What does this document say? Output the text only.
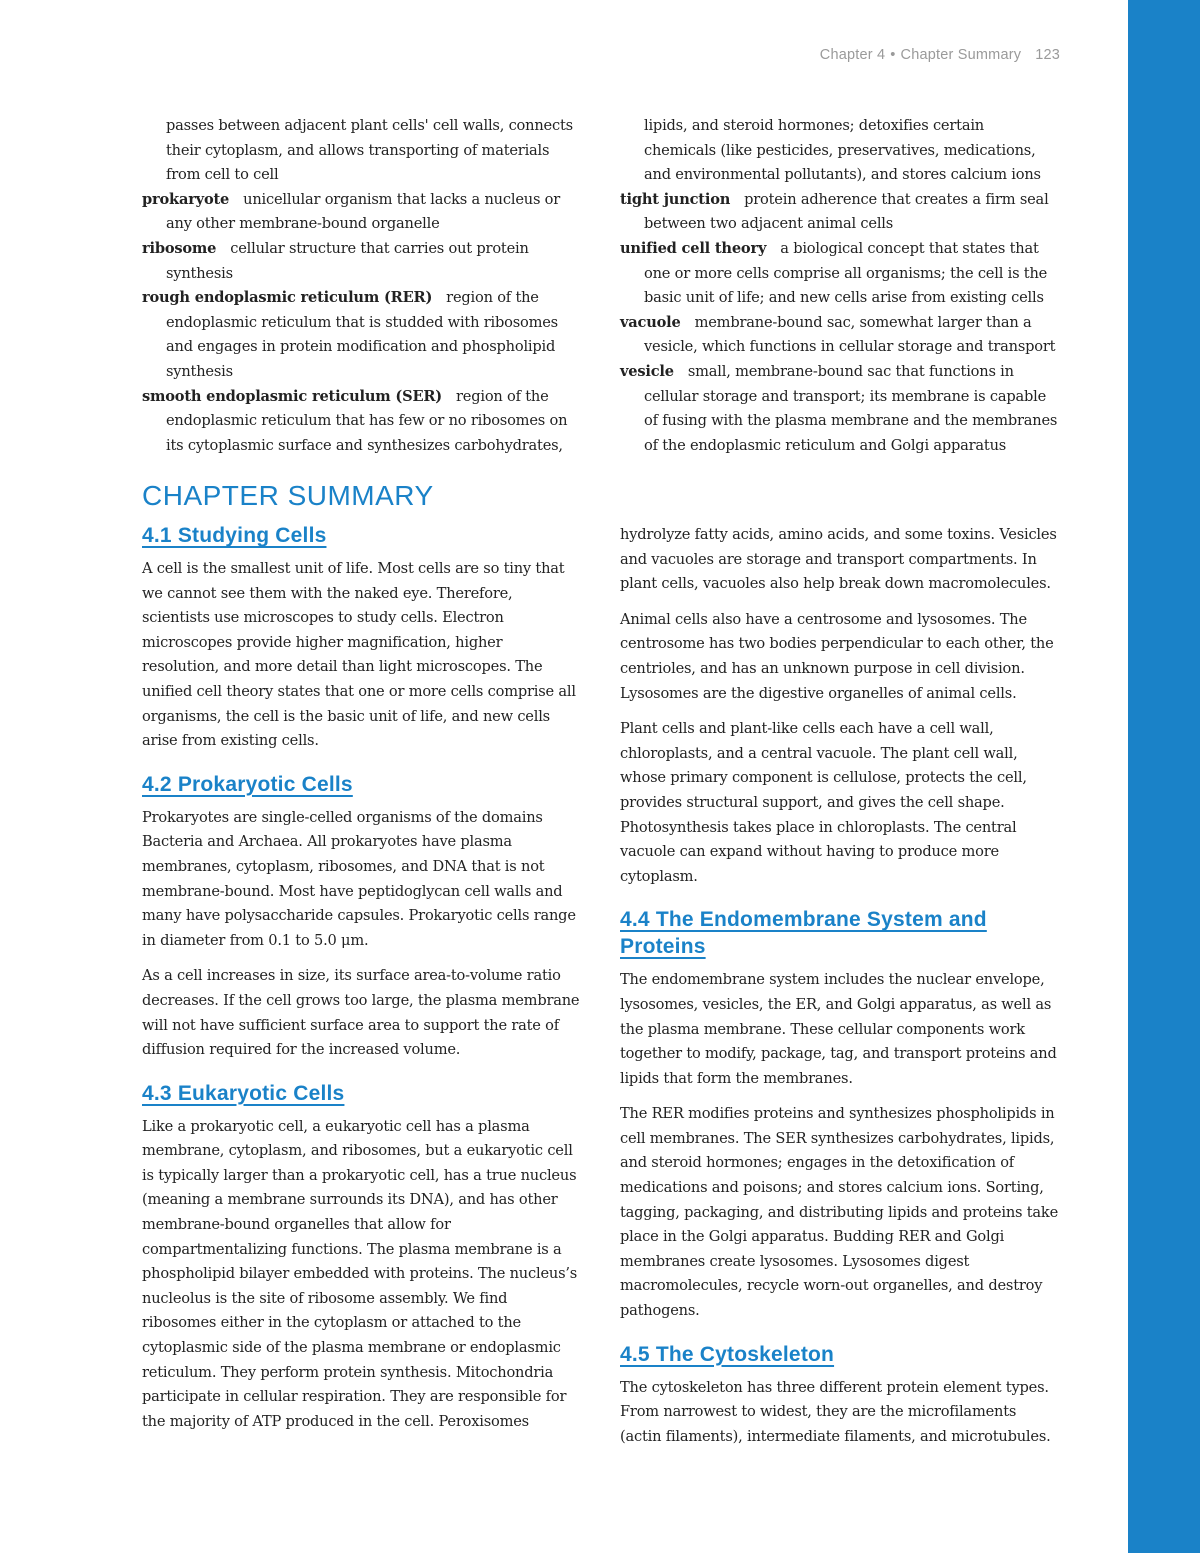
Chapter 4 • Chapter Summary 123
passes between adjacent plant cells' cell walls, connects their cytoplasm, and allows transporting of materials from cell to cell
prokaryote unicellular organism that lacks a nucleus or any other membrane-bound organelle
ribosome cellular structure that carries out protein synthesis
rough endoplasmic reticulum (RER) region of the endoplasmic reticulum that is studded with ribosomes and engages in protein modification and phospholipid synthesis
smooth endoplasmic reticulum (SER) region of the endoplasmic reticulum that has few or no ribosomes on its cytoplasmic surface and synthesizes carbohydrates,
lipids, and steroid hormones; detoxifies certain chemicals (like pesticides, preservatives, medications, and environmental pollutants), and stores calcium ions
tight junction protein adherence that creates a firm seal between two adjacent animal cells
unified cell theory a biological concept that states that one or more cells comprise all organisms; the cell is the basic unit of life; and new cells arise from existing cells
vacuole membrane-bound sac, somewhat larger than a vesicle, which functions in cellular storage and transport
vesicle small, membrane-bound sac that functions in cellular storage and transport; its membrane is capable of fusing with the plasma membrane and the membranes of the endoplasmic reticulum and Golgi apparatus
CHAPTER SUMMARY
4.1 Studying Cells

A cell is the smallest unit of life. Most cells are so tiny that we cannot see them with the naked eye. Therefore, scientists use microscopes to study cells. Electron microscopes provide higher magnification, higher resolution, and more detail than light microscopes. The unified cell theory states that one or more cells comprise all organisms, the cell is the basic unit of life, and new cells arise from existing cells.

4.2 Prokaryotic Cells

Prokaryotes are single-celled organisms of the domains Bacteria and Archaea. All prokaryotes have plasma membranes, cytoplasm, ribosomes, and DNA that is not membrane-bound. Most have peptidoglycan cell walls and many have polysaccharide capsules. Prokaryotic cells range in diameter from 0.1 to 5.0 μm.

As a cell increases in size, its surface area-to-volume ratio decreases. If the cell grows too large, the plasma membrane will not have sufficient surface area to support the rate of diffusion required for the increased volume.

4.3 Eukaryotic Cells

Like a prokaryotic cell, a eukaryotic cell has a plasma membrane, cytoplasm, and ribosomes, but a eukaryotic cell is typically larger than a prokaryotic cell, has a true nucleus (meaning a membrane surrounds its DNA), and has other membrane-bound organelles that allow for compartmentalizing functions. The plasma membrane is a phospholipid bilayer embedded with proteins. The nucleus’s nucleolus is the site of ribosome assembly. We find ribosomes either in the cytoplasm or attached to the cytoplasmic side of the plasma membrane or endoplasmic reticulum. They perform protein synthesis. Mitochondria participate in cellular respiration. They are responsible for the majority of ATP produced in the cell. Peroxisomes

hydrolyze fatty acids, amino acids, and some toxins. Vesicles and vacuoles are storage and transport compartments. In plant cells, vacuoles also help break down macromolecules.

Animal cells also have a centrosome and lysosomes. The centrosome has two bodies perpendicular to each other, the centrioles, and has an unknown purpose in cell division. Lysosomes are the digestive organelles of animal cells.

Plant cells and plant-like cells each have a cell wall, chloroplasts, and a central vacuole. The plant cell wall, whose primary component is cellulose, protects the cell, provides structural support, and gives the cell shape. Photosynthesis takes place in chloroplasts. The central vacuole can expand without having to produce more cytoplasm.

4.4 The Endomembrane System and Proteins

The endomembrane system includes the nuclear envelope, lysosomes, vesicles, the ER, and Golgi apparatus, as well as the plasma membrane. These cellular components work together to modify, package, tag, and transport proteins and lipids that form the membranes.

The RER modifies proteins and synthesizes phospholipids in cell membranes. The SER synthesizes carbohydrates, lipids, and steroid hormones; engages in the detoxification of medications and poisons; and stores calcium ions. Sorting, tagging, packaging, and distributing lipids and proteins take place in the Golgi apparatus. Budding RER and Golgi membranes create lysosomes. Lysosomes digest macromolecules, recycle worn-out organelles, and destroy pathogens.

4.5 The Cytoskeleton

The cytoskeleton has three different protein element types. From narrowest to widest, they are the microfilaments (actin filaments), intermediate filaments, and microtubules.
